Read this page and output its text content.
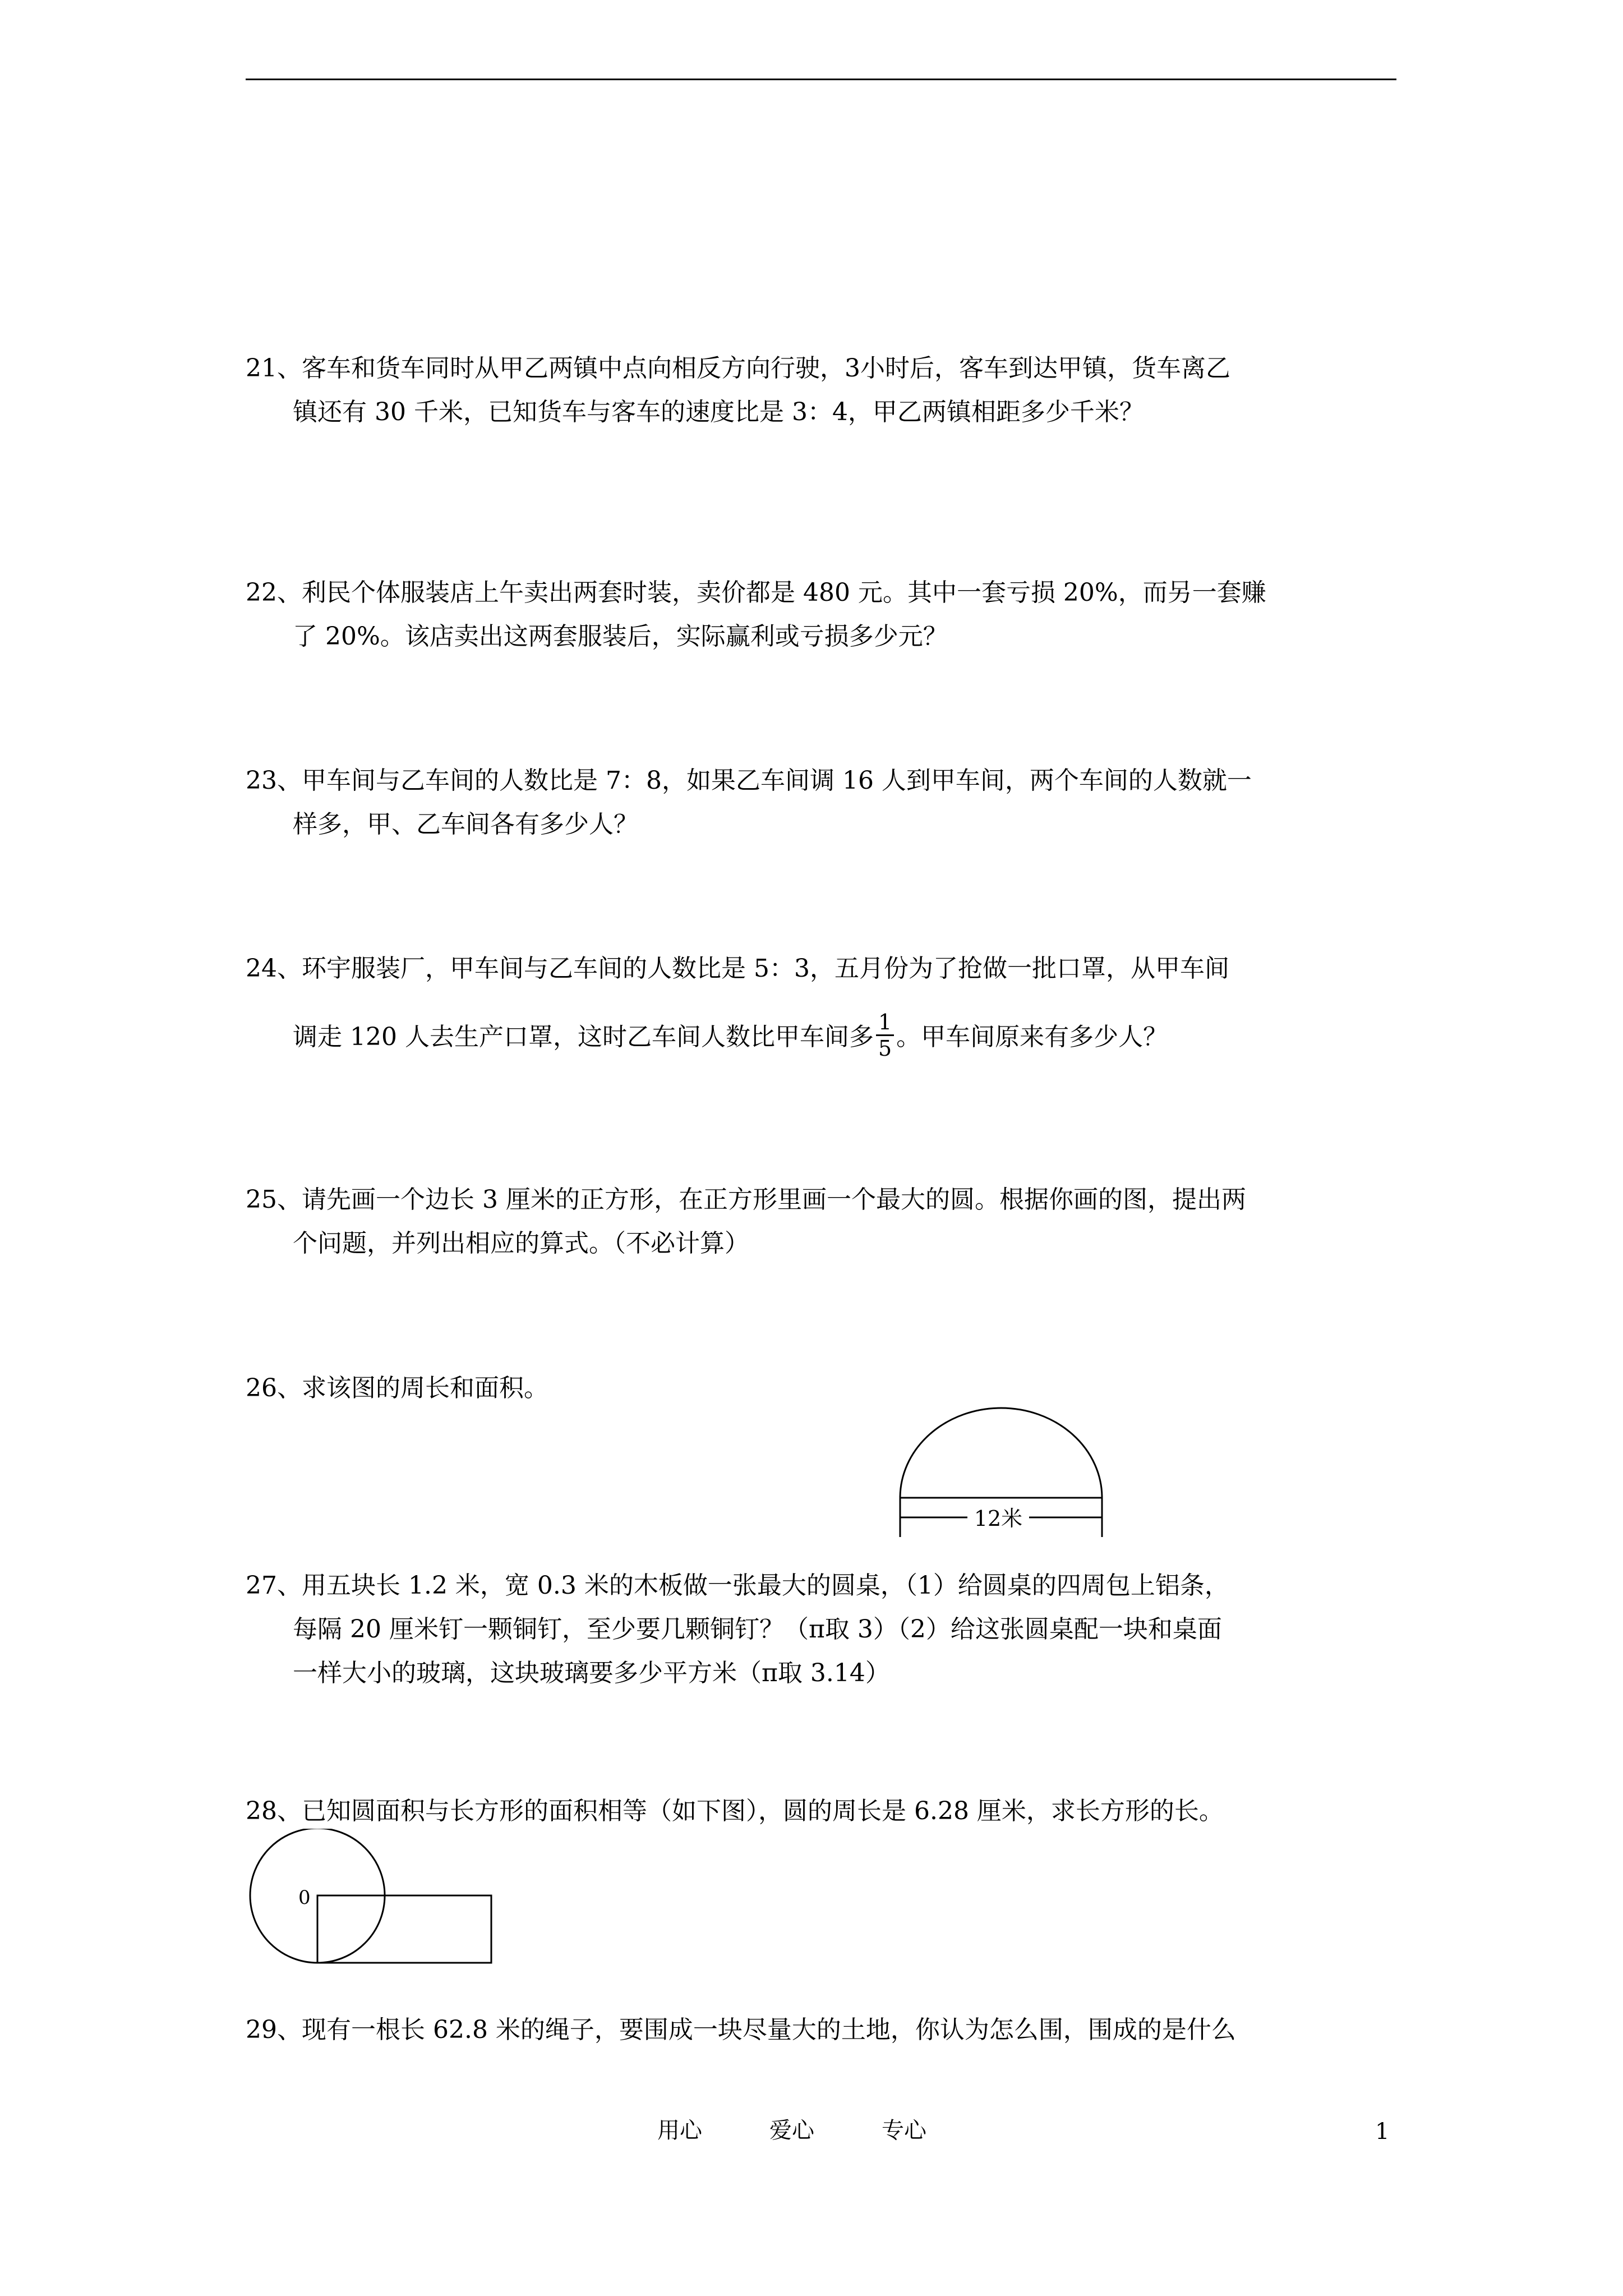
21、客车和货车同时从甲乙两镇中点向相反方向行驶，3小时后，客车到达甲镇，货车离乙
镇还有 30 千米，已知货车与客车的速度比是 3：4，甲乙两镇相距多少千米？
22、利民个体服装店上午卖出两套时装，卖价都是 480 元。其中一套亏损 20%，而另一套赚
了 20%。该店卖出这两套服装后，实际赢利或亏损多少元？
23、甲车间与乙车间的人数比是 7：8，如果乙车间调 16 人到甲车间，两个车间的人数就一
样多，甲、乙车间各有多少人？
24、环宇服装厂，甲车间与乙车间的人数比是 5：3，五月份为了抢做一批口罩，从甲车间
调走 120 人去生产口罩，这时乙车间人数比甲车间多 $\frac{1}{5}$ 。甲车间原来有多少人？
25、请先画一个边长 3 厘米的正方形，在正方形里画一个最大的圆。根据你画的图，提出两
个问题，并列出相应的算式。（不必计算）
26、求该图的周长和面积。
12米
27、用五块长 1.2 米，宽 0.3 米的木板做一张最大的圆桌，（1）给圆桌的四周包上铝条，
每隔 20 厘米钉一颗铜钉，至少要几颗铜钉？（π取 3）（2）给这张圆桌配一块和桌面
一样大小的玻璃，这块玻璃要多少平方米（π取 3.14）
28、已知圆面积与长方形的面积相等（如下图），圆的周长是 6.28 厘米，求长方形的长。
0
29、现有一根长 62.8 米的绳子，要围成一块尽量大的土地，你认为怎么围，围成的是什么
用心	爱心	专心	1
